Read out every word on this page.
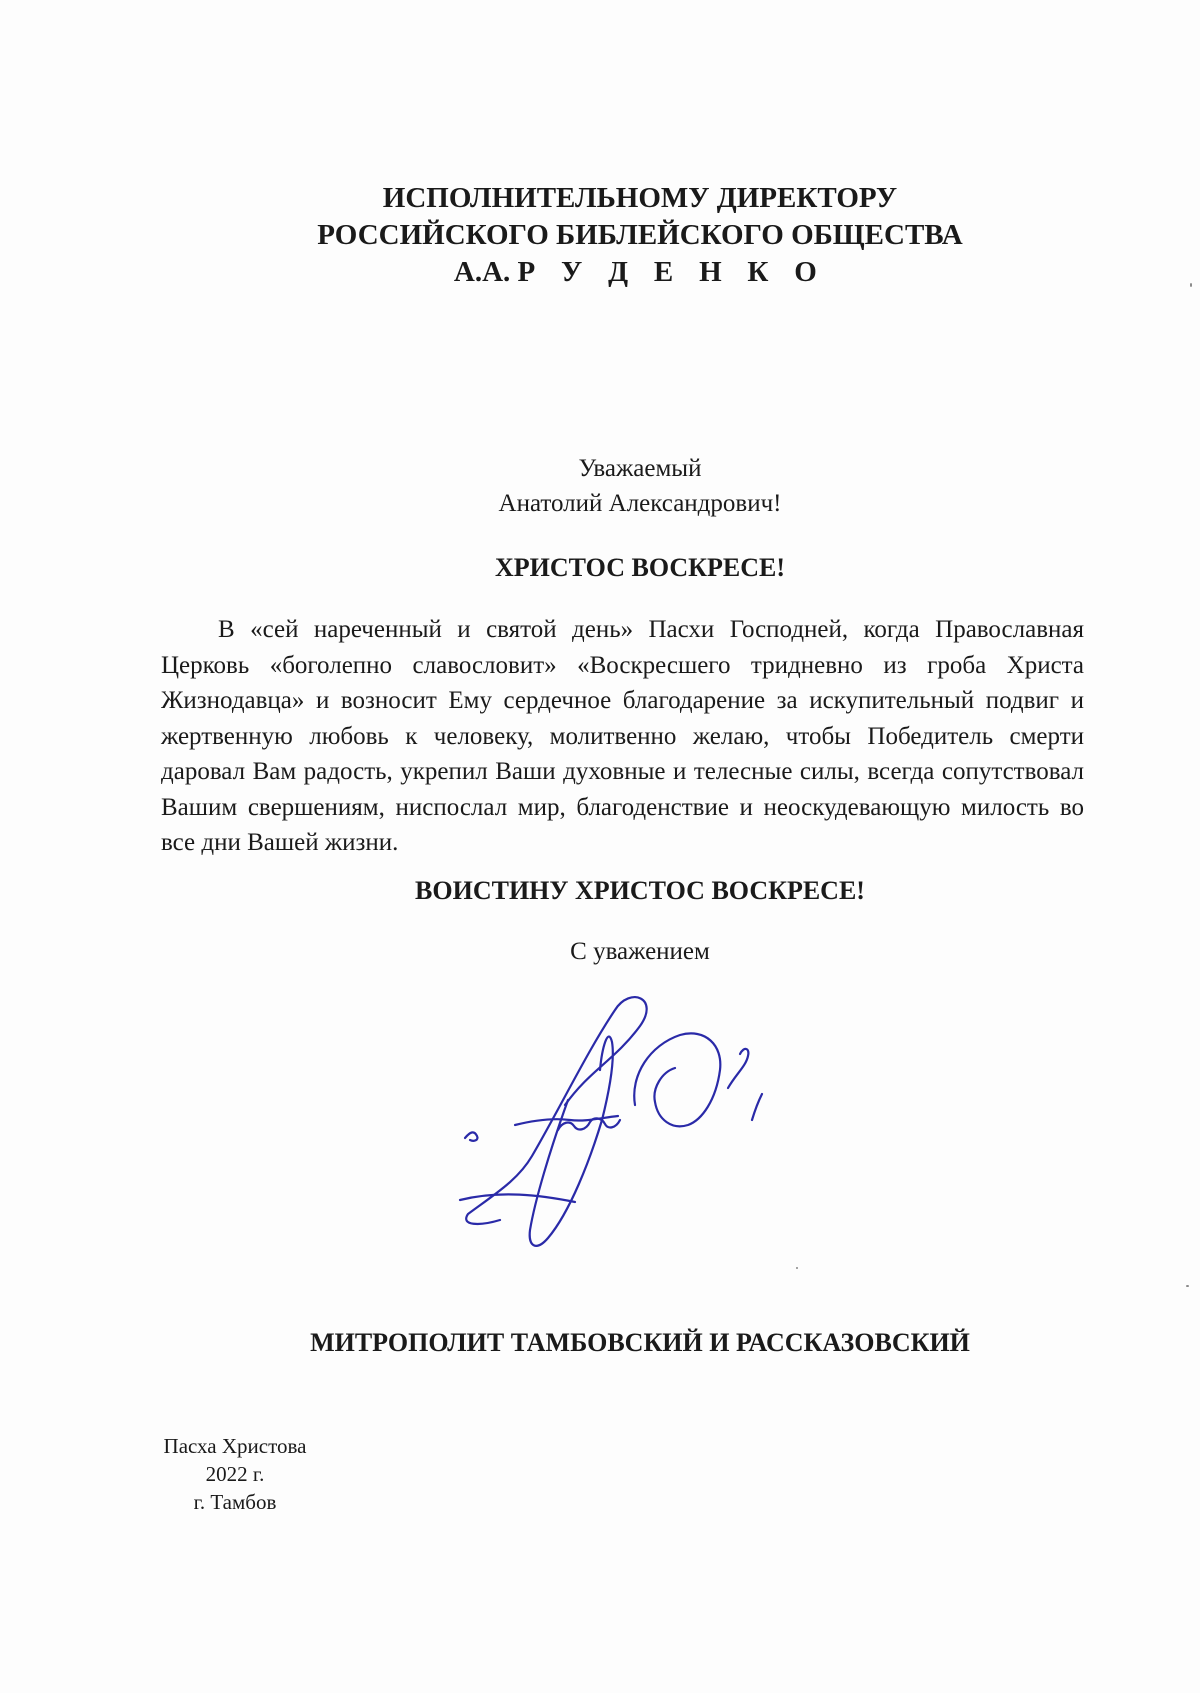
ИСПОЛНИТЕЛЬНОМУ ДИРЕКТОРУ
РОССИЙСКОГО БИБЛЕЙСКОГО ОБЩЕСТВА
А.А. Р У Д Е Н К О
Уважаемый
Анатолий Александрович!
ХРИСТОС ВОСКРЕСЕ!
В «сей нареченный и святой день» Пасхи Господней, когда Православная Церковь «боголепно славословит» «Воскресшего тридневно из гроба Христа Жизнодавца» и возносит Ему сердечное благодарение за искупительный подвиг и жертвенную любовь к человеку, молитвенно желаю, чтобы Победитель смерти даровал Вам радость, укрепил Ваши духовные и телесные силы, всегда сопутствовал Вашим свершениям, ниспослал мир, благоденствие и неоскудевающую милость во все дни Вашей жизни.
ВОИСТИНУ ХРИСТОС ВОСКРЕСЕ!
С уважением
МИТРОПОЛИТ ТАМБОВСКИЙ И РАССКАЗОВСКИЙ
Пасха Христова
2022 г.
г. Тамбов
